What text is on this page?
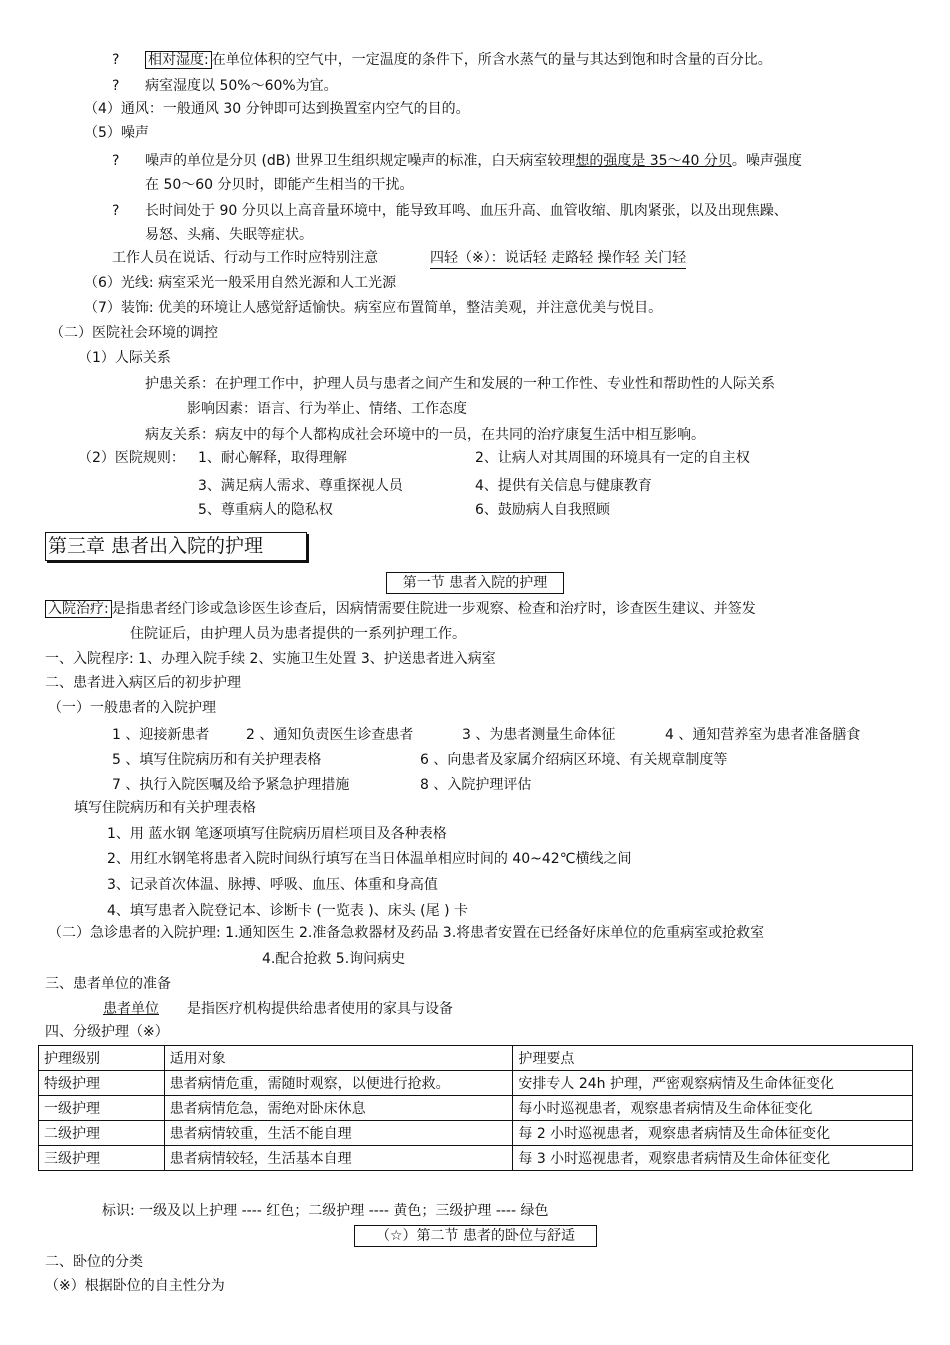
? 相对湿度: 在单位体积的空气中，一定温度的条件下，所含水蒸气的量与其达到饱和时含量的百分比。
? 病室湿度以 50%～60%为宜。
（4）通风：一般通风 30 分钟即可达到换置室内空气的目的。
（5）噪声
? 噪声的单位是分贝 (dB) 世界卫生组织规定噪声的标准，白天病室较理想的强度是 35～40 分贝。噪声强度
在 50～60 分贝时，即能产生相当的干扰。
? 长时间处于 90 分贝以上高音量环境中，能导致耳鸣、血压升高、血管收缩、肌肉紧张，以及出现焦躁、
易怒、头痛、失眠等症状。
工作人员在说话、行动与工作时应特别注意	四轻（※）：说话轻 走路轻 操作轻 关门轻
（6）光线: 病室采光一般采用自然光源和人工光源
（7）装饰: 优美的环境让人感觉舒适愉快。病室应布置简单，整洁美观，并注意优美与悦目。
（二）医院社会环境的调控
（1）人际关系
护患关系：在护理工作中，护理人员与患者之间产生和发展的一种工作性、专业性和帮助性的人际关系
影响因素：语言、行为举止、情绪、工作态度
病友关系：病友中的每个人都构成社会环境中的一员，在共同的治疗康复生活中相互影响。
（2）医院规则： 1、耐心解释，取得理解	2、让病人对其周围的环境具有一定的自主权
3、满足病人需求、尊重探视人员	4、提供有关信息与健康教育
5、尊重病人的隐私权	6、鼓励病人自我照顾
第三章 患者出入院的护理
第一节 患者入院的护理
入院治疗: 是指患者经门诊或急诊医生诊查后，因病情需要住院进一步观察、检查和治疗时，诊查医生建议、并签发
住院证后，由护理人员为患者提供的一系列护理工作。
一、入院程序: 1、办理入院手续 2、实施卫生处置 3、护送患者进入病室
二、患者进入病区后的初步护理
（一）一般患者的入院护理
1 、迎接新患者	2 、通知负责医生诊查患者	3 、为患者测量生命体征	4 、通知营养室为患者准备膳食
5 、填写住院病历和有关护理表格	6 、向患者及家属介绍病区环境、有关规章制度等
7 、执行入院医嘱及给予紧急护理措施	8 、入院护理评估
填写住院病历和有关护理表格
1、用 蓝水钢 笔逐项填写住院病历眉栏项目及各种表格
2、用红水钢笔将患者入院时间纵行填写在当日体温单相应时间的 40~42℃横线之间
3、记录首次体温、脉搏、呼吸、血压、体重和身高值
4、填写患者入院登记本、诊断卡 (一览表 )、床头 (尾 ) 卡
（二）急诊患者的入院护理: 1.通知医生 2.准备急救器材及药品 3.将患者安置在已经备好床单位的危重病室或抢救室
4.配合抢救 5.询问病史
三、患者单位的准备
患者单位 是指医疗机构提供给患者使用的家具与设备
四、分级护理（※）
护理级别	适用对象	护理要点
特级护理	患者病情危重，需随时观察，以便进行抢救。	安排专人 24h 护理，严密观察病情及生命体征变化
一级护理	患者病情危急，需绝对卧床休息	每小时巡视患者，观察患者病情及生命体征变化
二级护理	患者病情较重，生活不能自理	每 2 小时巡视患者，观察患者病情及生命体征变化
三级护理	患者病情较轻，生活基本自理	每 3 小时巡视患者，观察患者病情及生命体征变化
标识: 一级及以上护理 ---- 红色；二级护理 ---- 黄色；三级护理 ---- 绿色
（☆）第二节 患者的卧位与舒适
二、卧位的分类
（※）根据卧位的自主性分为
